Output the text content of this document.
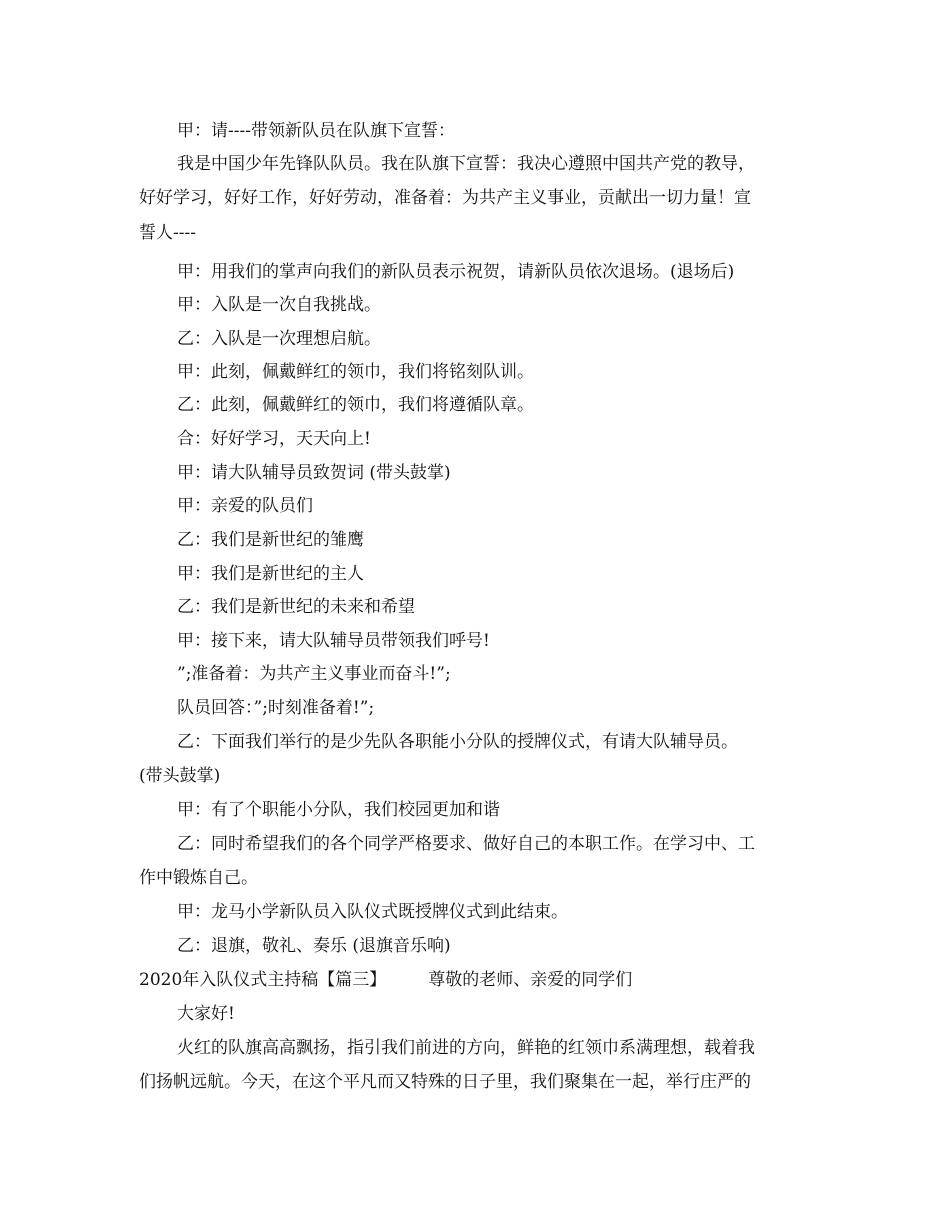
甲：请----带领新队员在队旗下宣誓：
我是中国少年先锋队队员。我在队旗下宣誓：我决心遵照中国共产党的教导，
好好学习，好好工作，好好劳动，准备着：为共产主义事业，贡献出一切力量！宣
誓人----
甲：用我们的掌声向我们的新队员表示祝贺，请新队员依次退场。(退场后)
甲：入队是一次自我挑战。
乙：入队是一次理想启航。
甲：此刻，佩戴鲜红的领巾，我们将铭刻队训。
乙：此刻，佩戴鲜红的领巾，我们将遵循队章。
合：好好学习，天天向上!
甲：请大队辅导员致贺词 (带头鼓掌)
甲：亲爱的队员们
乙：我们是新世纪的雏鹰
甲：我们是新世纪的主人
乙：我们是新世纪的未来和希望
甲：接下来，请大队辅导员带领我们呼号!
”;准备着：为共产主义事业而奋斗!”;
队员回答：”;时刻准备着!”;
乙：下面我们举行的是少先队各职能小分队的授牌仪式，有请大队辅导员。
(带头鼓掌)
甲：有了个职能小分队，我们校园更加和谐
乙：同时希望我们的各个同学严格要求、做好自己的本职工作。在学习中、工
作中锻炼自己。
甲：龙马小学新队员入队仪式既授牌仪式到此结束。
乙：退旗，敬礼、奏乐 (退旗音乐响)
2020年入队仪式主持稿【篇三】 尊敬的老师、亲爱的同学们
大家好!
火红的队旗高高飘扬，指引我们前进的方向，鲜艳的红领巾系满理想，载着我
们扬帆远航。今天，在这个平凡而又特殊的日子里，我们聚集在一起，举行庄严的
